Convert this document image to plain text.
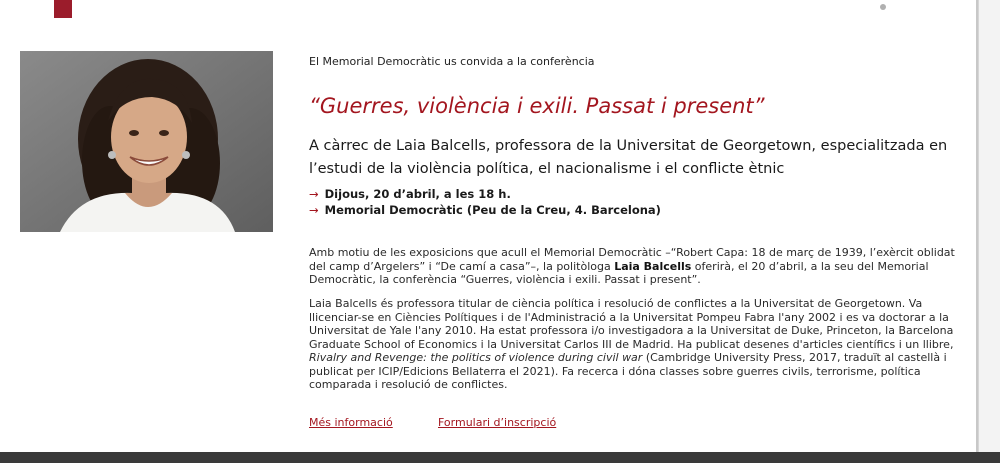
El Memorial Democràtic us convida a la conferència
“Guerres, violència i exili. Passat i present”
A càrrec de Laia Balcells, professora de la Universitat de Georgetown, especialitzada en l’estudi de la violència política, el nacionalisme i el conflicte ètnic
→ Dijous, 20 d’abril, a les 18 h.
→ Memorial Democràtic (Peu de la Creu, 4. Barcelona)
Amb motiu de les exposicions que acull el Memorial Democràtic –“Robert Capa: 18 de març de 1939, l’exèrcit oblidat del camp d’Argelers” i “De camí a casa”–, la politòloga Laia Balcells oferirà, el 20 d’abril, a la seu del Memorial Democràtic, la conferència “Guerres, violència i exili. Passat i present”.
Laia Balcells és professora titular de ciència política i resolució de conflictes a la Universitat de Georgetown. Va llicenciar-se en Ciències Polítiques i de l'Administració a la Universitat Pompeu Fabra l'any 2002 i es va doctorar a la Universitat de Yale l'any 2010. Ha estat professora i/o investigadora a la Universitat de Duke, Princeton, la Barcelona Graduate School of Economics i la Universitat Carlos III de Madrid. Ha publicat desenes d'articles científics i un llibre, Rivalry and Revenge: the politics of violence during civil war (Cambridge University Press, 2017, traduït al castellà i publicat per ICIP/Edicions Bellaterra el 2021). Fa recerca i dóna classes sobre guerres civils, terrorisme, política comparada i resolució de conflictes.
Més informació	Formulari d’inscripció
